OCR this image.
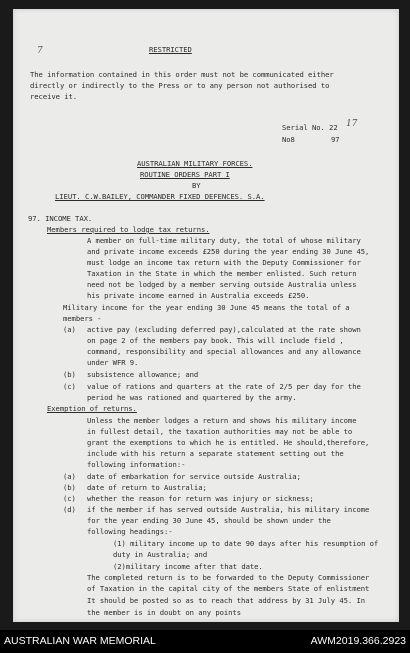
7	RESTRICTED
The information contained in this order must not be communicated either
directly or indirectly to the Press or to any person not authorised to
receive it.
Serial No. 22 17
No8	97
AUSTRALIAN MILITARY FORCES.
ROUTINE ORDERS PART I
BY
LIEUT. C.W.BAILEY, COMMANDER FIXED DEFENCES. S.A.
97. INCOME TAX.
Members required to lodge tax returns.
A member on full-time military duty, the total of whose military
and private income exceeds £250 during the year ending 30 June 45,
must lodge an income tax return with the Deputy Commissioner for
Taxation in the State in which the member enlisted. Such return
need not be lodged by a member serving outside Australia unless
his private income earned in Australia exceeds £250.
Military income for the year ending 30 June 45 means the total of a
members -
(a) active pay (excluding deferred pay),calculated at the rate shown
on page 2 of the members pay book. This will include field ,
command, responsibility and special allowances and any allowance
under WFR 9.
(b) subsistence allowance; and
(c) value of rations and quarters at the rate of 2/5 per day for the
period he was rationed and quartered by the army.
Exemption of returns.
Unless the member lodges a return and shows his military income
in fullest detail, the taxation authorities may not be able to
grant the exemptions to which he is entitled. He should,therefore,
include with his return a separate statement setting out the
following information:-
(a) date of embarkation for service outside Australia;
(b) date of return to Australia;
(c) whether the reason for return was injury or sickness;
(d) if the member if has served outside Australia, his military income
for the year ending 30 June 45, should be shown under the
following headings:-
(1) military income up to date 90 days after his resumption of
duty in Australia; and
(2)military income after that date.
The completed return is to be forwarded to the Deputy Commissioner
of Taxation in the capital city of the members State of enlistment
It should be posted so as to reach that address by 31 July 45. In
the member is in doubt on any points
AUSTRALIAN WAR MEMORIAL	AWM2019.366.2923
